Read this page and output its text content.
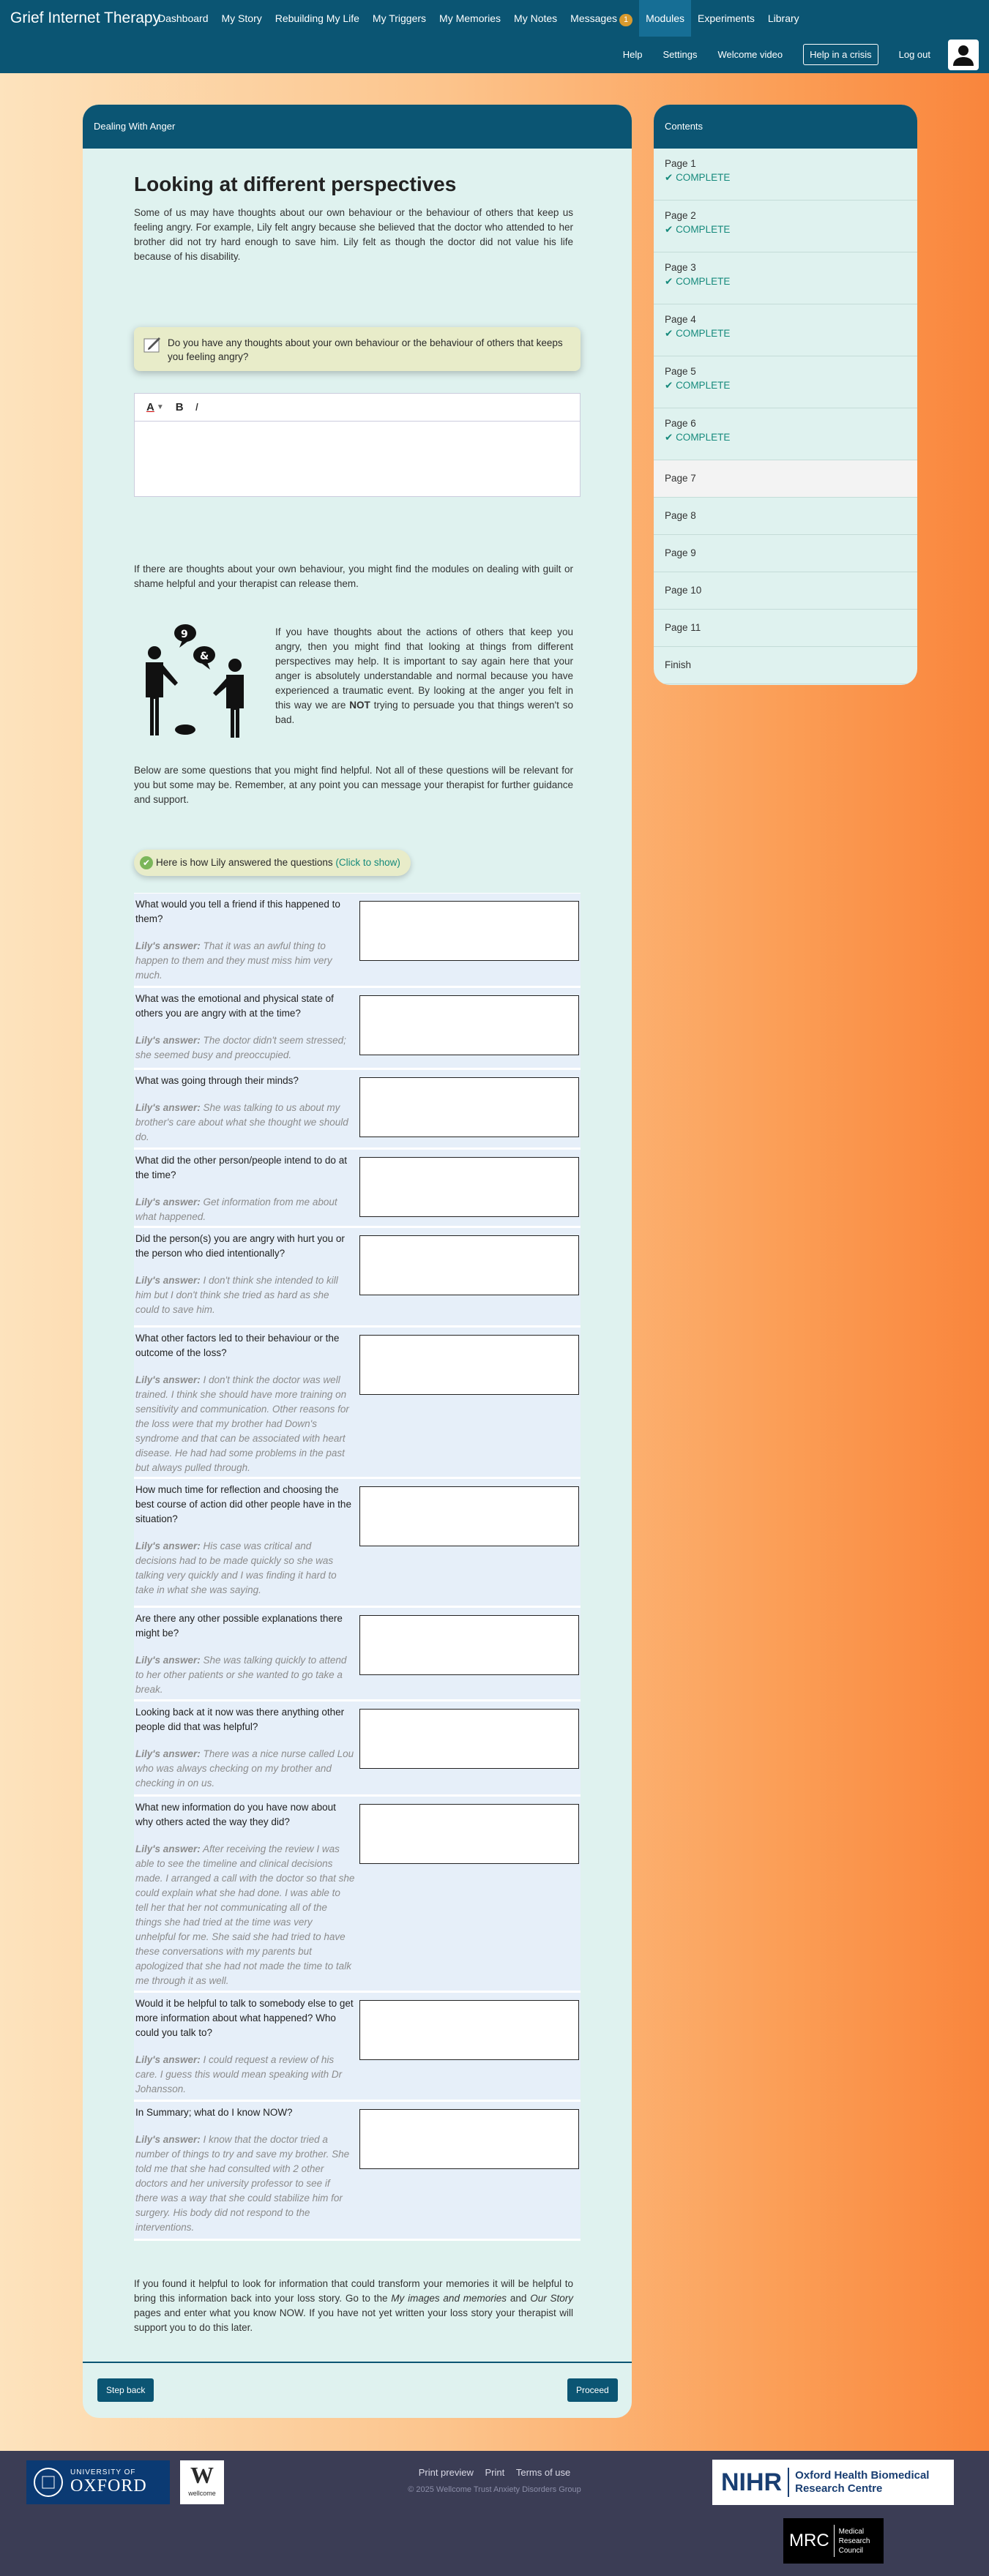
Grief Internet Therapy
Dashboard	My Story	Rebuilding My Life	My Triggers	My Memories	My Notes	Messages 1	Modules	Experiments	Library
Help Settings Welcome video	Help in a crisis	Log out
Dealing With Anger
Looking at different perspectives
Some of us may have thoughts about our own behaviour or the behaviour of others that keep us feeling angry. For example, Lily felt angry because she believed that the doctor who attended to her brother did not try hard enough to save him. Lily felt as though the doctor did not value his life because of his disability.
Do you have any thoughts about your own behaviour or the behaviour of others that keeps you feeling angry?
A ▼ B I
If there are thoughts about your own behaviour, you might find the modules on dealing with guilt or shame helpful and your therapist can release them.
9
&
If you have thoughts about the actions of others that keep you angry, then you might find that looking at things from different perspectives may help. It is important to say again here that your anger is absolutely understandable and normal because you have experienced a traumatic event. By looking at the anger you felt in this way we are NOT trying to persuade you that things weren't so bad.
Below are some questions that you might find helpful. Not all of these questions will be relevant for you but some may be. Remember, at any point you can message your therapist for further guidance and support.
✔ Here is how Lily answered the questions (Click to show)
What would you tell a friend if this happened to them?
Lily's answer: That it was an awful thing to happen to them and they must miss him very much.
What was the emotional and physical state of others you are angry with at the time?
Lily's answer: The doctor didn't seem stressed; she seemed busy and preoccupied.
What was going through their minds?
Lily's answer: She was talking to us about my brother's care about what she thought we should do.
What did the other person/people intend to do at the time?
Lily's answer: Get information from me about what happened.
Did the person(s) you are angry with hurt you or the person who died intentionally?
Lily's answer: I don't think she intended to kill him but I don't think she tried as hard as she could to save him.
What other factors led to their behaviour or the outcome of the loss?
Lily's answer: I don't think the doctor was well trained. I think she should have more training on sensitivity and communication. Other reasons for the loss were that my brother had Down's syndrome and that can be associated with heart disease. He had had some problems in the past but always pulled through.
How much time for reflection and choosing the best course of action did other people have in the situation?
Lily's answer: His case was critical and decisions had to be made quickly so she was talking very quickly and I was finding it hard to take in what she was saying.
Are there any other possible explanations there might be?
Lily's answer: She was talking quickly to attend to her other patients or she wanted to go take a break.
Looking back at it now was there anything other people did that was helpful?
Lily's answer: There was a nice nurse called Lou who was always checking on my brother and checking in on us.
What new information do you have now about why others acted the way they did?
Lily's answer: After receiving the review I was able to see the timeline and clinical decisions made. I arranged a call with the doctor so that she could explain what she had done. I was able to tell her that her not communicating all of the things she had tried at the time was very unhelpful for me. She said she had tried to have these conversations with my parents but apologized that she had not made the time to talk me through it as well.
Would it be helpful to talk to somebody else to get more information about what happened? Who could you talk to?
Lily's answer: I could request a review of his care. I guess this would mean speaking with Dr Johansson.
In Summary; what do I know NOW?
Lily's answer: I know that the doctor tried a number of things to try and save my brother. She told me that she had consulted with 2 other doctors and her university professor to see if there was a way that she could stabilize him for surgery. His body did not respond to the interventions.
If you found it helpful to look for information that could transform your memories it will be helpful to bring this information back into your loss story. Go to the My images and memories and Our Story pages and enter what you know NOW. If you have not yet written your loss story your therapist will support you to do this later.
Step back	Proceed
Contents
Page 1
✔ COMPLETE
Page 2
✔ COMPLETE
Page 3
✔ COMPLETE
Page 4
✔ COMPLETE
Page 5
✔ COMPLETE
Page 6
✔ COMPLETE
Page 7
Page 8
Page 9
Page 10
Page 11
Finish
UNIVERSITY OF
OXFORD	W
wellcome
Print preview Print Terms of use
© 2025 Wellcome Trust Anxiety Disorders Group	NIHR Oxford Health Biomedical
Research Centre
MRC Medical
Research
Council
